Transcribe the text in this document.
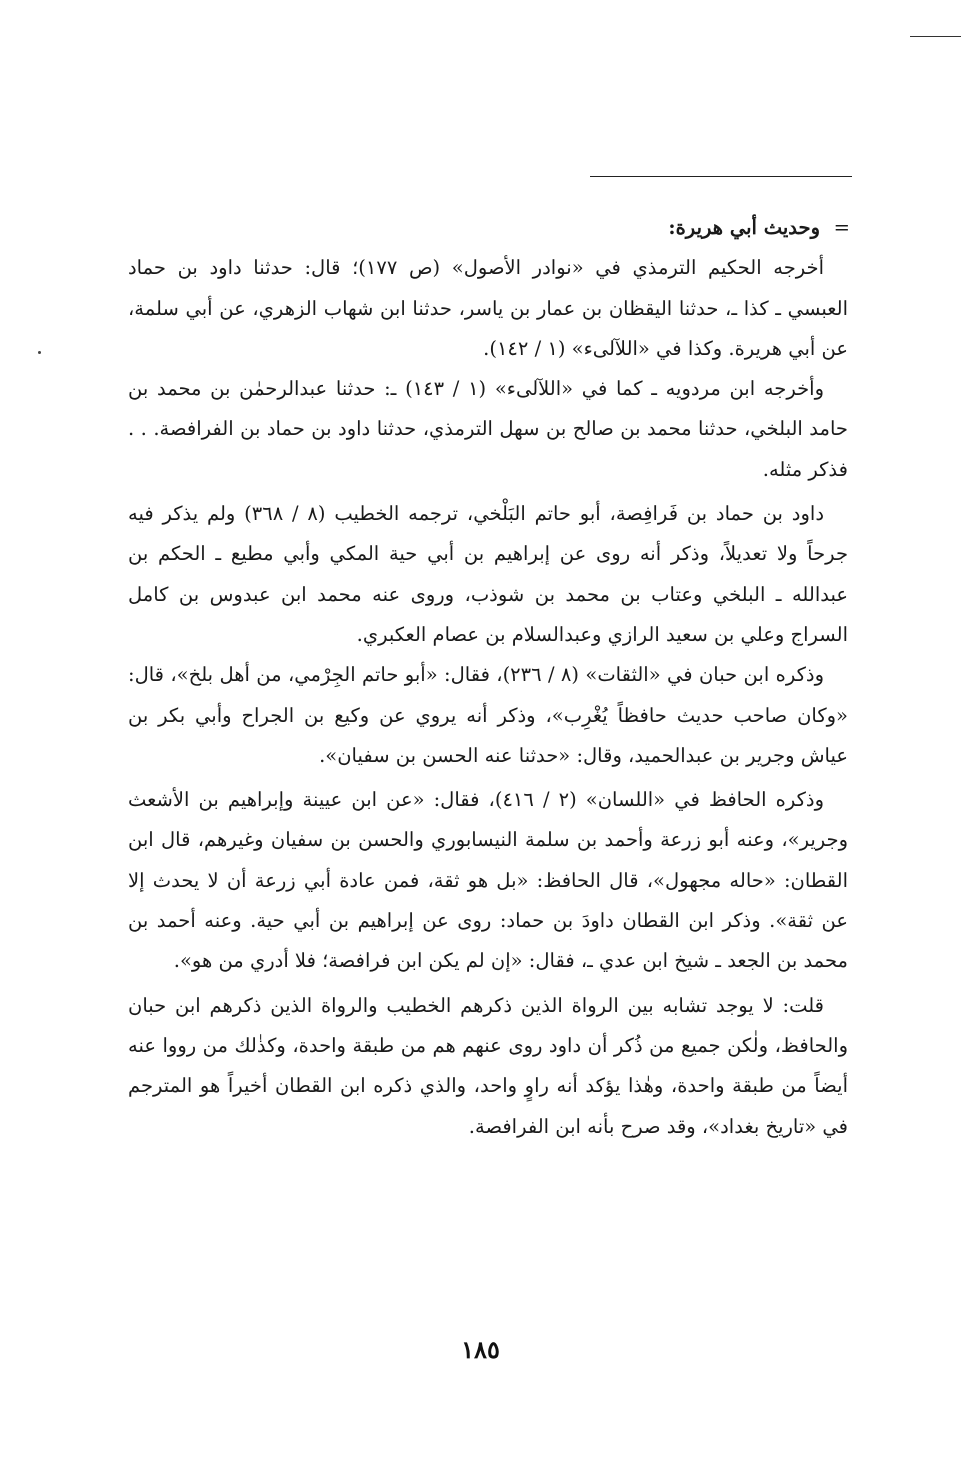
=
وحديث أبي هريرة:

أخرجه الحكيم الترمذي في «نوادر الأصول» (ص ١٧٧)؛ قال: حدثنا داود بن حماد العبسي ـ كذا ـ، حدثنا اليقظان بن عمار بن ياسر، حدثنا ابن شهاب الزهري، عن أبي سلمة، عن أبي هريرة. وكذا في «اللآلىء» (١ / ١٤٢).

وأخرجه ابن مردويه ـ كما في «اللآلىء» (١ / ١٤٣) ـ: حدثنا عبدالرحمٰن بن محمد بن حامد البلخي، حدثنا محمد بن صالح بن سهل الترمذي، حدثنا داود بن حماد بن الفرافصة. . . فذكر مثله.

داود بن حماد بن فَرافِصة، أبو حاتم البَلْخي، ترجمه الخطيب (٨ / ٣٦٨) ولم يذكر فيه جرحاً ولا تعديلاً، وذكر أنه روى عن إبراهيم بن أبي حية المكي وأبي مطيع ـ الحكم بن عبدالله ـ البلخي وعتاب بن محمد بن شوذب، وروى عنه محمد ابن عبدوس بن كامل السراج وعلي بن سعيد الرازي وعبدالسلام بن عصام العكبري.

وذكره ابن حبان في «الثقات» (٨ / ٢٣٦)، فقال: «أبو حاتم الجِرْمي، من أهل بلخ»، قال: «وكان صاحب حديث حافظاً يُغْرِب»، وذكر أنه يروي عن وكيع بن الجراح وأبي بكر بن عياش وجرير بن عبدالحميد، وقال: «حدثنا عنه الحسن بن سفيان».

وذكره الحافظ في «اللسان» (٢ / ٤١٦)، فقال: «عن ابن عيينة وإبراهيم بن الأشعث وجرير»، وعنه أبو زرعة وأحمد بن سلمة النيسابوري والحسن بن سفيان وغيرهم، قال ابن القطان: «حاله مجهول»، قال الحافظ: «بل هو ثقة، فمن عادة أبي زرعة أن لا يحدث إلا عن ثقة». وذكر ابن القطان داودَ بن حماد: روى عن إبراهيم بن أبي حية. وعنه أحمد بن محمد بن الجعد ـ شيخ ابن عدي ـ، فقال: «إن لم يكن ابن فرافصة؛ فلا أدري من هو».

قلت: لا يوجد تشابه بين الرواة الذين ذكرهم الخطيب والرواة الذين ذكرهم ابن حبان والحافظ، ولٰكن جميع من ذُكر أن داود روى عنهم هم من طبقة واحدة، وكذٰلك من رووا عنه أيضاً من طبقة واحدة، وهٰذا يؤكد أنه راوٍ واحد، والذي ذكره ابن القطان أخيراً هو المترجم في «تاريخ بغداد»، وقد صرح بأنه ابن الفرافصة.

١٨٥
